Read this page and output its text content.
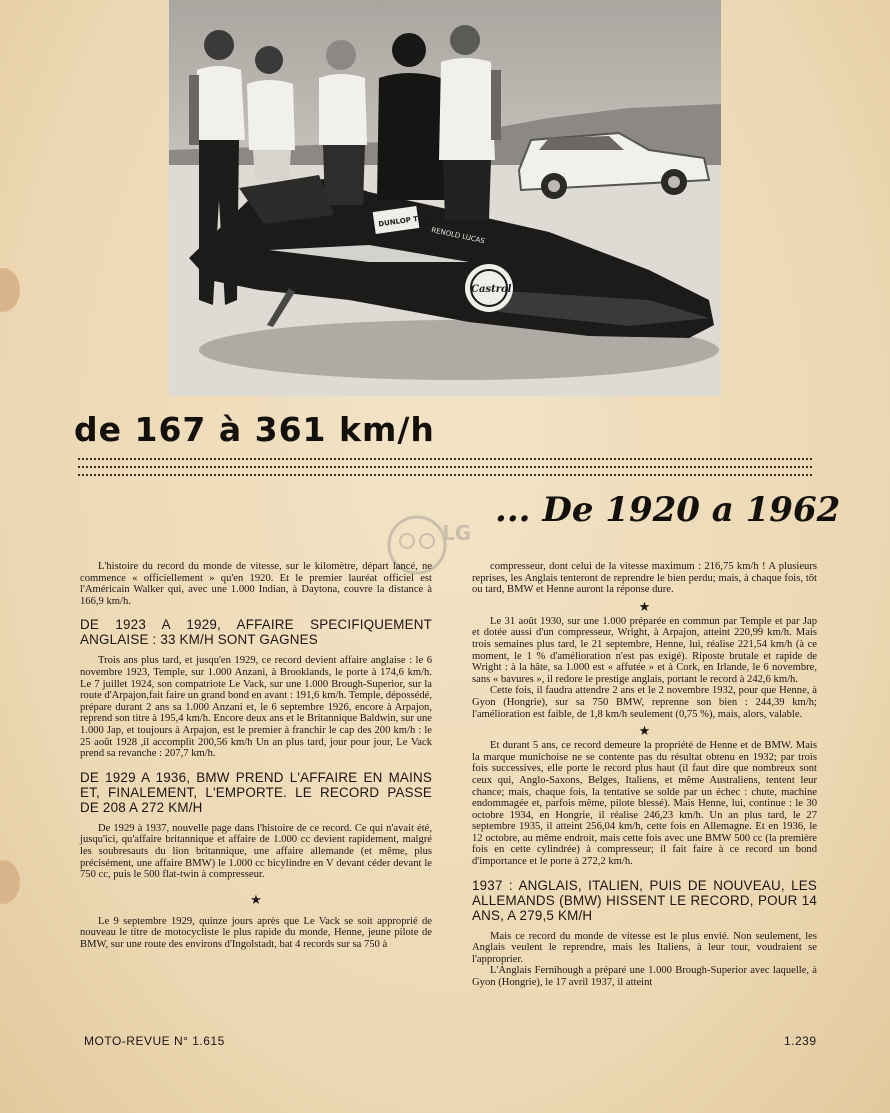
DUNLOP TIRES
RENOLD LUCAS
Castrol
de 167 à 361 km/h
LG
... De 1920 a 1962

L'histoire du record du monde de vitesse, sur le kilomètre, départ lancé, ne commence « officiellement » qu'en 1920. Et le premier lauréat officiel est l'Américain Walker qui, avec une 1.000 Indian, à Daytona, couvre la distance à 166,9 km/h.

DE 1923 A 1929, AFFAIRE SPECIFIQUEMENT ANGLAISE : 33 KM/H SONT GAGNES

Trois ans plus tard, et jusqu'en 1929, ce record devient affaire anglaise : le 6 novembre 1923, Temple, sur 1.000 Anzani, à Brooklands, le porte à 174,6 km/h. Le 7 juillet 1924, son compatriote Le Vack, sur une 1.000 Brough-Superior, sur la route d'Arpajon,fait faire un grand bond en avant : 191,6 km/h. Temple, dépossédé, prépare durant 2 ans sa 1.000 Anzani et, le 6 septembre 1926, encore à Arpajon, reprend son titre à 195,4 km/h. Encore deux ans et le Britannique Baldwin, sur une 1.000 Jap, et toujours à Arpajon, est le premier à franchir le cap des 200 km/h : le 25 août 1928 ,il accomplit 200,56 km/h Un an plus tard, jour pour jour, Le Vack prend sa revanche : 207,7 km/h.

DE 1929 A 1936, BMW PREND L'AFFAIRE EN MAINS ET, FINALEMENT, L'EMPORTE. LE RECORD PASSE DE 208 A 272 KM/H

De 1929 à 1937, nouvelle page dans l'histoire de ce record. Ce qui n'avait été, jusqu'ici, qu'affaire britannique et affaire de 1.000 cc devient rapidement, malgré les soubresauts du lion britannique, une affaire allemande (et même, plus précisément, une affaire BMW) le 1.000 cc bicylindre en V devant céder devant le 750 cc, puis le 500 flat-twin à compresseur.

★

Le 9 septembre 1929, quinze jours après que Le Vack se soit approprié de nouveau le titre de motocycliste le plus rapide du monde, Henne, jeune pilote de BMW, sur une route des environs d'Ingolstadt, bat 4 records sur sa 750 à

compresseur, dont celui de la vitesse maximum : 216,75 km/h ! A plusieurs reprises, les Anglais tenteront de reprendre le bien perdu; mais, à chaque fois, tôt ou tard, BMW et Henne auront la réponse dure.

★

Le 31 août 1930, sur une 1.000 préparée en commun par Temple et par Jap et dotée aussi d'un compresseur, Wright, à Arpajon, atteint 220,99 km/h. Mais trois semaines plus tard, le 21 septembre, Henne, lui, réalise 221,54 km/h (à ce moment, le 1 % d'amélioration n'est pas exigé). Riposte brutale et rapide de Wright : à la hâte, sa 1.000 est « affutée » et à Cork, en Irlande, le 6 novembre, sans « bavures », il redore le prestige anglais, portant le record à 242,6 km/h.

Cette fois, il faudra attendre 2 ans et le 2 novembre 1932, pour que Henne, à Gyon (Hongrie), sur sa 750 BMW, reprenne son bien : 244,39 km/h; l'amélioration est faible, de 1,8 km/h seulement (0,75 %), mais, alors, valable.

★

Et durant 5 ans, ce record demeure la propriété de Henne et de BMW. Mais la marque munichoise ne se contente pas du résultat obtenu en 1932; par trois fois successives, elle porte le record plus haut (il faut dire que nombreux sont ceux qui, Anglo-Saxons, Belges, Italiens, et même Australiens, tentent leur chance; mais, chaque fois, la tentative se solde par un échec : chute, machine endommagée et, parfois même, pilote blessé). Mais Henne, lui, continue : le 30 octobre 1934, en Hongrie, il réalise 246,23 km/h. Un an plus tard, le 27 septembre 1935, il atteint 256,04 km/h, cette fois en Allemagne. Et en 1936, le 12 octobre, au même endroit, mais cette fois avec une BMW 500 cc (la première fois en cette cylindrée) à compresseur; il fait faire à ce record un bond d'importance et le porte à 272,2 km/h.

1937 : ANGLAIS, ITALIEN, PUIS DE NOUVEAU, LES ALLEMANDS (BMW) HISSENT LE RECORD, POUR 14 ANS, A 279,5 KM/H

Mais ce record du monde de vitesse est le plus envié. Non seulement, les Anglais veulent le reprendre, mais les Italiens, à leur tour, voudraient se l'approprier.

L'Anglais Fernihough a préparé une 1.000 Brough-Superior avec laquelle, à Gyon (Hongrie), le 17 avril 1937, il atteint

MOTO-REVUE N° 1.615	1.239
